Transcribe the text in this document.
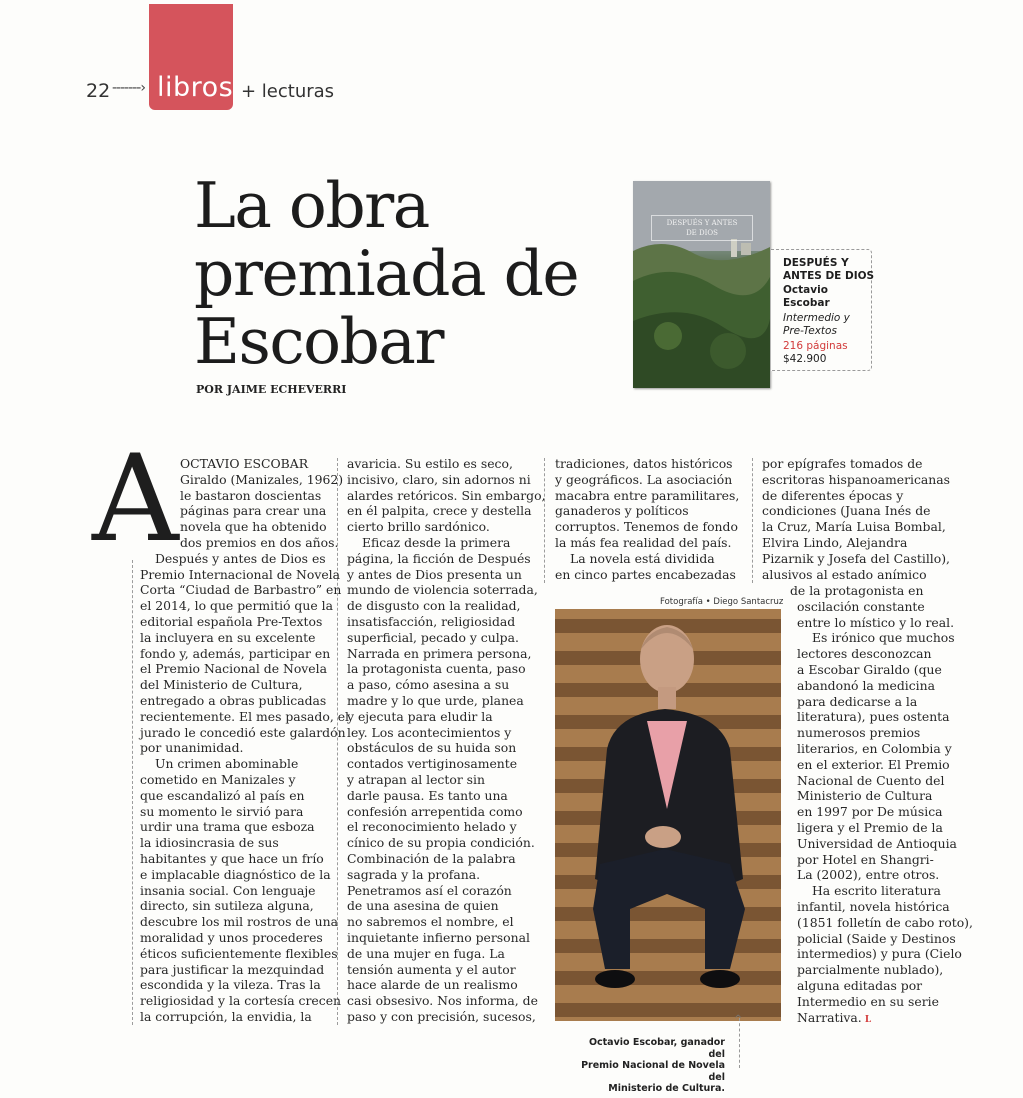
libros
22 -------›	+ lecturas
La obra
premiada de
Escobar
POR JAIME ECHEVERRI
DESPUÉS Y ANTES
DE DIOS
DESPUÉS Y
ANTES DE DIOS
Octavio
Escobar
Intermedio y
Pre-Textos
216 páginas
$42.900
A OCTAVIO ESCOBAR
Giraldo (Manizales, 1962)
le bastaron doscientas
páginas para crear una
novela que ha obtenido
dos premios en dos años.
Después y antes de Dios es
Premio Internacional de Novela
Corta “Ciudad de Barbastro” en
el 2014, lo que permitió que la
editorial española Pre-Textos
la incluyera en su excelente
fondo y, además, participar en
el Premio Nacional de Novela
del Ministerio de Cultura,
entregado a obras publicadas
recientemente. El mes pasado, el
jurado le concedió este galardón
por unanimidad.
Un crimen abominable
cometido en Manizales y
que escandalizó al país en
su momento le sirvió para
urdir una trama que esboza
la idiosincrasia de sus
habitantes y que hace un frío
e implacable diagnóstico de la
insania social. Con lenguaje
directo, sin sutileza alguna,
descubre los mil rostros de una
moralidad y unos procederes
éticos suficientemente flexibles
para justificar la mezquindad
escondida y la vileza. Tras la
religiosidad y la cortesía crecen
la corrupción, la envidia, la
avaricia. Su estilo es seco,
incisivo, claro, sin adornos ni
alardes retóricos. Sin embargo,
en él palpita, crece y destella
cierto brillo sardónico.
Eficaz desde la primera
página, la ficción de Después
y antes de Dios presenta un
mundo de violencia soterrada,
de disgusto con la realidad,
insatisfacción, religiosidad
superficial, pecado y culpa.
Narrada en primera persona,
la protagonista cuenta, paso
a paso, cómo asesina a su
madre y lo que urde, planea
y ejecuta para eludir la
ley. Los acontecimientos y
obstáculos de su huida son
contados vertiginosamente
y atrapan al lector sin
darle pausa. Es tanto una
confesión arrepentida como
el reconocimiento helado y
cínico de su propia condición.
Combinación de la palabra
sagrada y la profana.
Penetramos así el corazón
de una asesina de quien
no sabremos el nombre, el
inquietante infierno personal
de una mujer en fuga. La
tensión aumenta y el autor
hace alarde de un realismo
casi obsesivo. Nos informa, de
paso y con precisión, sucesos,
tradiciones, datos históricos
y geográficos. La asociación
macabra entre paramilitares,
ganaderos y políticos
corruptos. Tenemos de fondo
la más fea realidad del país.
La novela está dividida
en cinco partes encabezadas
por epígrafes tomados de
escritoras hispanoamericanas
de diferentes épocas y
condiciones (Juana Inés de
la Cruz, María Luisa Bombal,
Elvira Lindo, Alejandra
Pizarnik y Josefa del Castillo),
alusivos al estado anímico
de la protagonista en
oscilación constante
entre lo místico y lo real.
Es irónico que muchos
lectores desconozcan
a Escobar Giraldo (que
abandonó la medicina
para dedicarse a la
literatura), pues ostenta
numerosos premios
literarios, en Colombia y
en el exterior. El Premio
Nacional de Cuento del
Ministerio de Cultura
en 1997 por De música
ligera y el Premio de la
Universidad de Antioquia
por Hotel en Shangri-
La (2002), entre otros.
Ha escrito literatura
infantil, novela histórica
(1851 folletín de cabo roto),
policial (Saide y Destinos
intermedios) y pura (Cielo
parcialmente nublado),
alguna editadas por
Intermedio en su serie
Narrativa. L
Fotografía • Diego Santacruz
^
Octavio Escobar, ganador del
Premio Nacional de Novela del
Ministerio de Cultura.
